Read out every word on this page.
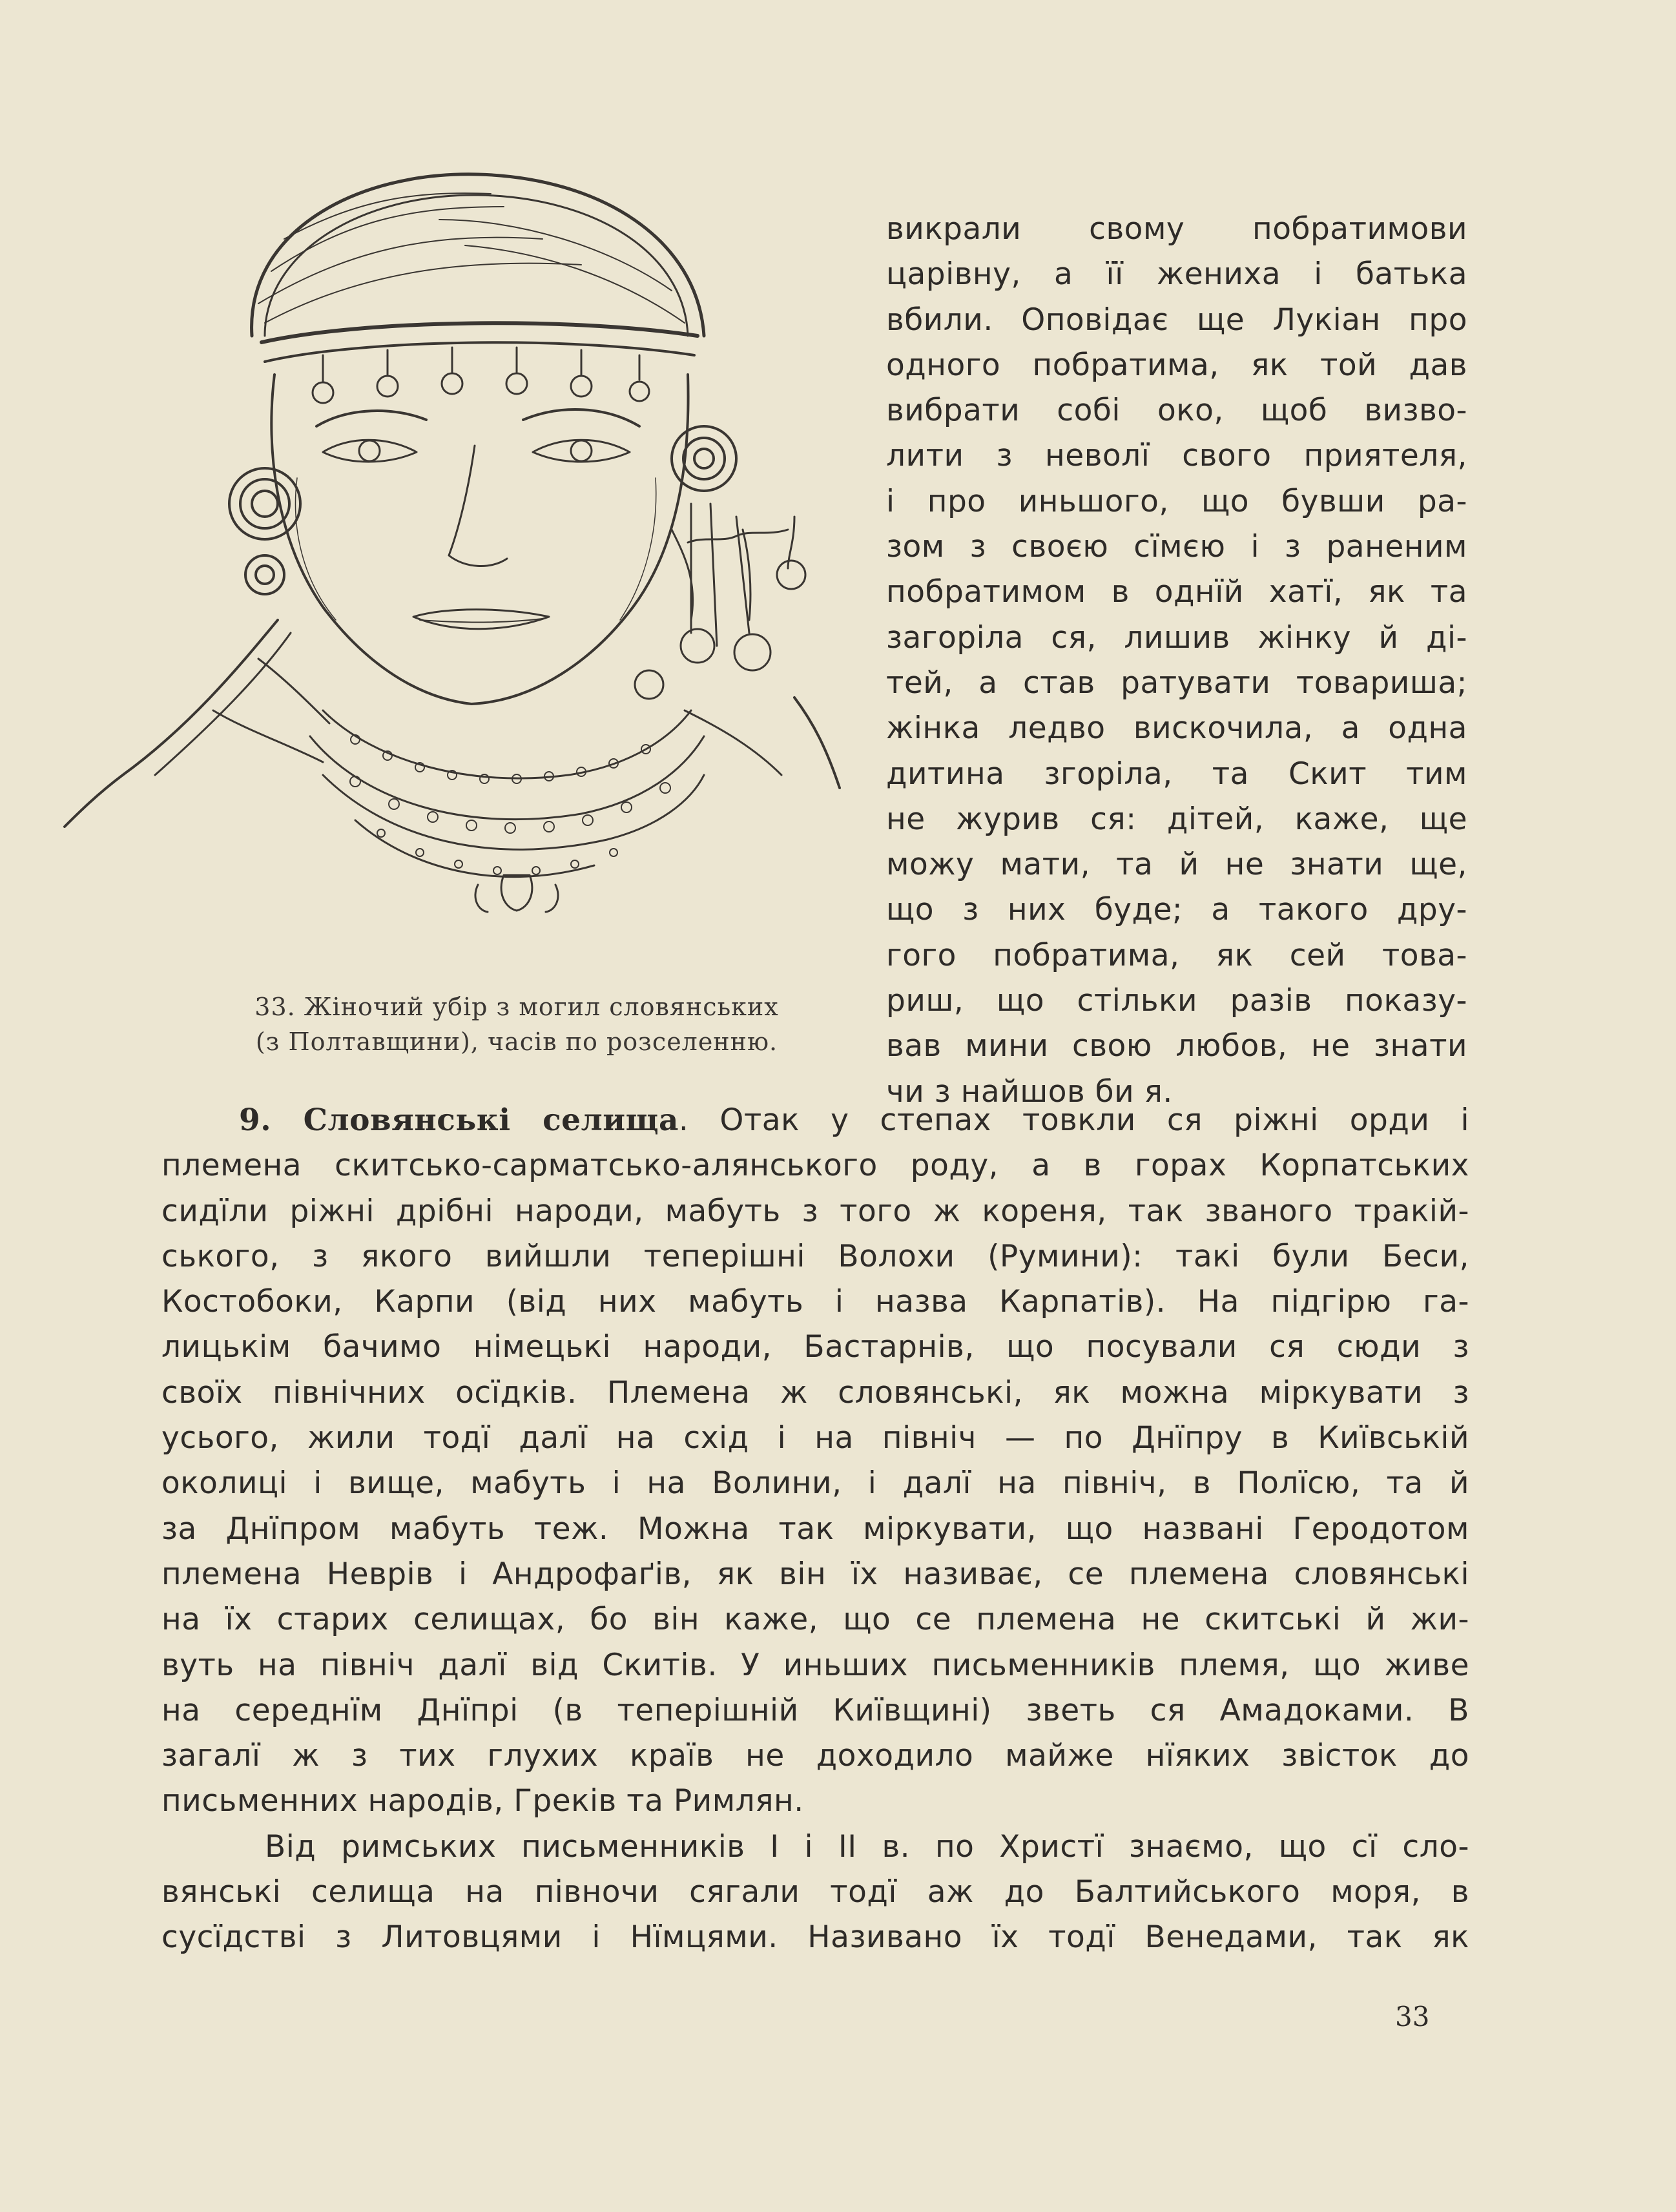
33. Жіночий убір з могил словянських
(з Полтавщини), часів по розселенню.
викрали свому побратимови
царівну, а її жениха і батька
вбили. Оповідає ще Лукіан про
одного побратима, як той дав
вибрати собі око, щоб визво-
лити з неволї свого приятеля,
і про иньшого, що бувши ра-
зом з своєю сїмєю і з раненим
побратимом в однїй хатї, як та
загоріла ся, лишив жінку й ді-
тей, а став ратувати товариша;
жінка ледво вискочила, а одна
дитина згоріла, та Скит тим
не журив ся: дітей, каже, ще
можу мати, та й не знати ще,
що з них буде; а такого дру-
гого побратима, як сей това-
риш, що стільки разів показу-
вав мини свою любов, не знати
чи з найшов би я.
9. Словянські селища. Отак у степах товкли ся ріжні орди і
племена скитсько-сарматсько-алянського роду, а в горах Корпатських
сидїли ріжні дрібні народи, мабуть з того ж кореня, так званого тракій-
ського, з якого вийшли теперішні Волохи (Румини): такі були Беси,
Костобоки, Карпи (від них мабуть і назва Карпатів). На підгірю га-
лицькім бачимо німецькі народи, Бастарнів, що посували ся сюди з
своїх північних осїдків. Племена ж словянські, як можна міркувати з
усього, жили тодї далї на схід і на північ — по Днїпру в Київській
околиці і вище, мабуть і на Волини, і далї на північ, в Полїсю, та й
за Днїпром мабуть теж. Можна так міркувати, що названі Геродотом
племена Неврів і Андрофаґів, як він їх називає, се племена словянські
на їх старих селищах, бо він каже, що се племена не скитські й жи-
вуть на північ далї від Скитів. У иньших письменників племя, що живе
на середнїм Днїпрі (в теперішній Київщині) зветь ся Амадоками. В
загалї ж з тих глухих країв не доходило майже нїяких звісток до
письменних народів, Греків та Римлян.
Від римських письменників I і II в. по Христї знаємо, що сї сло-
вянські селища на півночи сягали тодї аж до Балтийського моря, в
сусїдстві з Литовцями і Нїмцями. Називано їх тодї Венедами, так як
33
